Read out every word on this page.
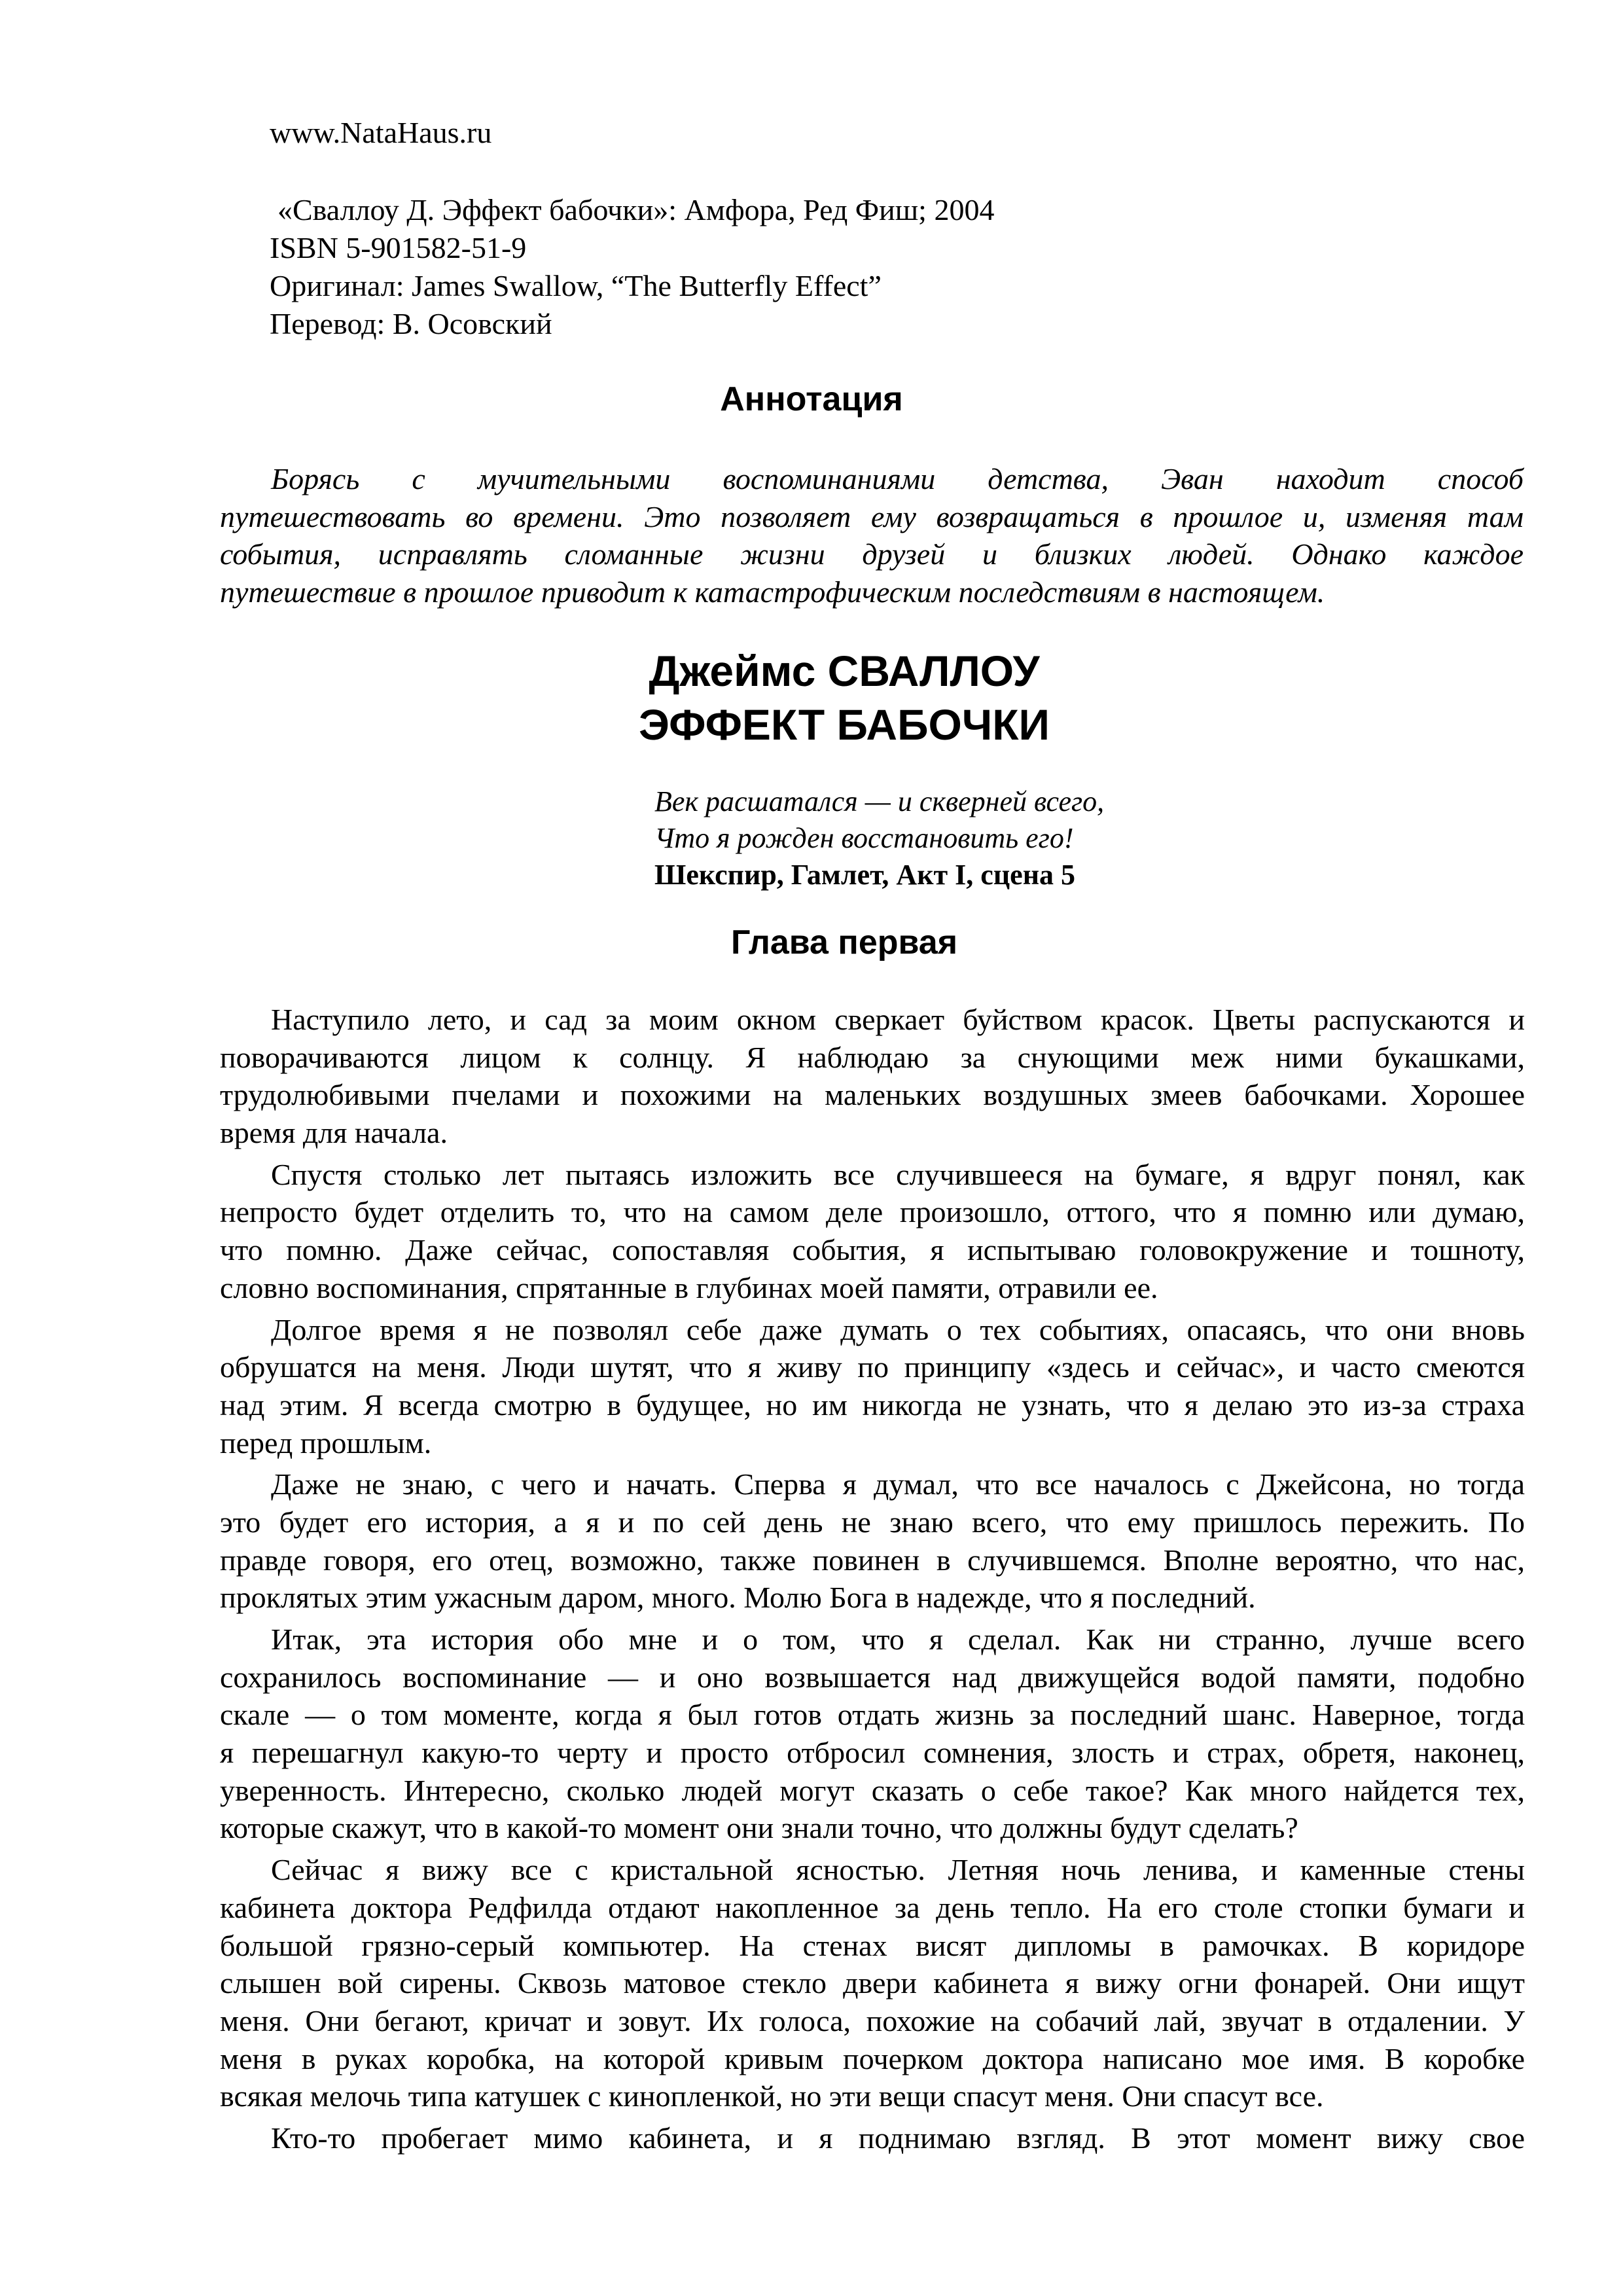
www.NataHaus.ru
«Сваллоу Д. Эффект бабочки»: Амфора, Ред Фиш; 2004
ISBN 5-901582-51-9
Оригинал: James Swallow, “The Butterfly Effect”
Перевод: В. Осовский
Аннотация
Борясь с мучительными воспоминаниями детства, Эван находит способ
путешествовать во времени. Это позволяет ему возвращаться в прошлое и, изменяя там
события, исправлять сломанные жизни друзей и близких людей. Однако каждое
путешествие в прошлое приводит к катастрофическим последствиям в настоящем.
Джеймс СВАЛЛОУ
ЭФФЕКТ БАБОЧКИ
Век расшатался — и скверней всего,
Что я рожден восстановить его!
Шекспир, Гамлет, Акт I, сцена 5
Глава первая
Наступило лето, и сад за моим окном сверкает буйством красок. Цветы распускаются и
поворачиваются лицом к солнцу. Я наблюдаю за снующими меж ними букашками,
трудолюбивыми пчелами и похожими на маленьких воздушных змеев бабочками. Хорошее
время для начала.
Спустя столько лет пытаясь изложить все случившееся на бумаге, я вдруг понял, как
непросто будет отделить то, что на самом деле произошло, оттого, что я помню или думаю,
что помню. Даже сейчас, сопоставляя события, я испытываю головокружение и тошноту,
словно воспоминания, спрятанные в глубинах моей памяти, отравили ее.
Долгое время я не позволял себе даже думать о тех событиях, опасаясь, что они вновь
обрушатся на меня. Люди шутят, что я живу по принципу «здесь и сейчас», и часто смеются
над этим. Я всегда смотрю в будущее, но им никогда не узнать, что я делаю это из-за страха
перед прошлым.
Даже не знаю, с чего и начать. Сперва я думал, что все началось с Джейсона, но тогда
это будет его история, а я и по сей день не знаю всего, что ему пришлось пережить. По
правде говоря, его отец, возможно, также повинен в случившемся. Вполне вероятно, что нас,
проклятых этим ужасным даром, много. Молю Бога в надежде, что я последний.
Итак, эта история обо мне и о том, что я сделал. Как ни странно, лучше всего
сохранилось воспоминание — и оно возвышается над движущейся водой памяти, подобно
скале — о том моменте, когда я был готов отдать жизнь за последний шанс. Наверное, тогда
я перешагнул какую-то черту и просто отбросил сомнения, злость и страх, обретя, наконец,
уверенность. Интересно, сколько людей могут сказать о себе такое? Как много найдется тех,
которые скажут, что в какой-то момент они знали точно, что должны будут сделать?
Сейчас я вижу все с кристальной ясностью. Летняя ночь ленива, и каменные стены
кабинета доктора Редфилда отдают накопленное за день тепло. На его столе стопки бумаги и
большой грязно-серый компьютер. На стенах висят дипломы в рамочках. В коридоре
слышен вой сирены. Сквозь матовое стекло двери кабинета я вижу огни фонарей. Они ищут
меня. Они бегают, кричат и зовут. Их голоса, похожие на собачий лай, звучат в отдалении. У
меня в руках коробка, на которой кривым почерком доктора написано мое имя. В коробке
всякая мелочь типа катушек с кинопленкой, но эти вещи спасут меня. Они спасут все.
Кто-то пробегает мимо кабинета, и я поднимаю взгляд. В этот момент вижу свое
